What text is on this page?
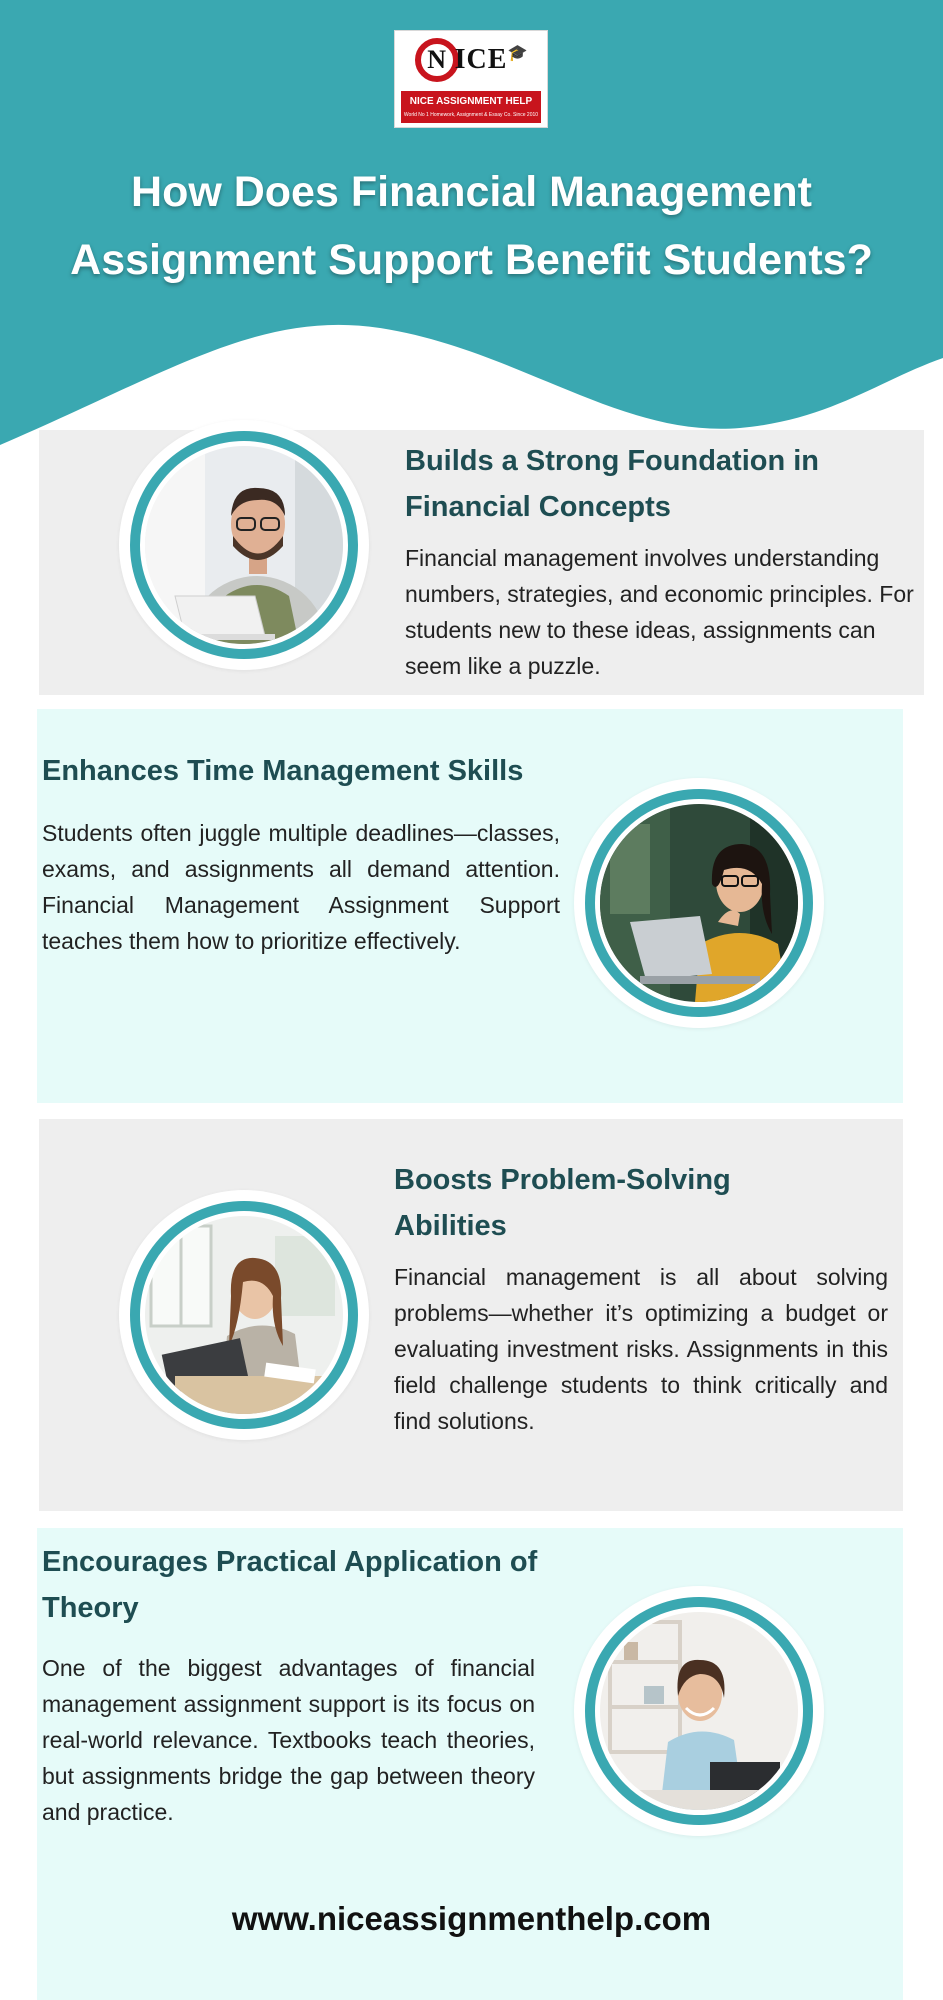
N ICE 🎓
NICE ASSIGNMENT HELP
World No 1 Homework, Assignment & Essay Co. Since 2010
How Does Financial Management
Assignment Support Benefit Students?
Builds a Strong Foundation in Financial Concepts

Financial management involves understanding numbers, strategies, and economic principles. For students new to these ideas, assignments can seem like a puzzle.

Enhances Time Management Skills

Students often juggle multiple deadlines—classes, exams, and assignments all demand attention. Financial Management Assignment Support teaches them how to prioritize effectively.

Boosts Problem-Solving Abilities

Financial management is all about solving problems—whether it’s optimizing a budget or evaluating investment risks. Assignments in this field challenge students to think critically and find solutions.

Encourages Practical Application of Theory

One of the biggest advantages of financial management assignment support is its focus on real-world relevance. Textbooks teach theories, but assignments bridge the gap between theory and practice.

www.niceassignmenthelp.com
